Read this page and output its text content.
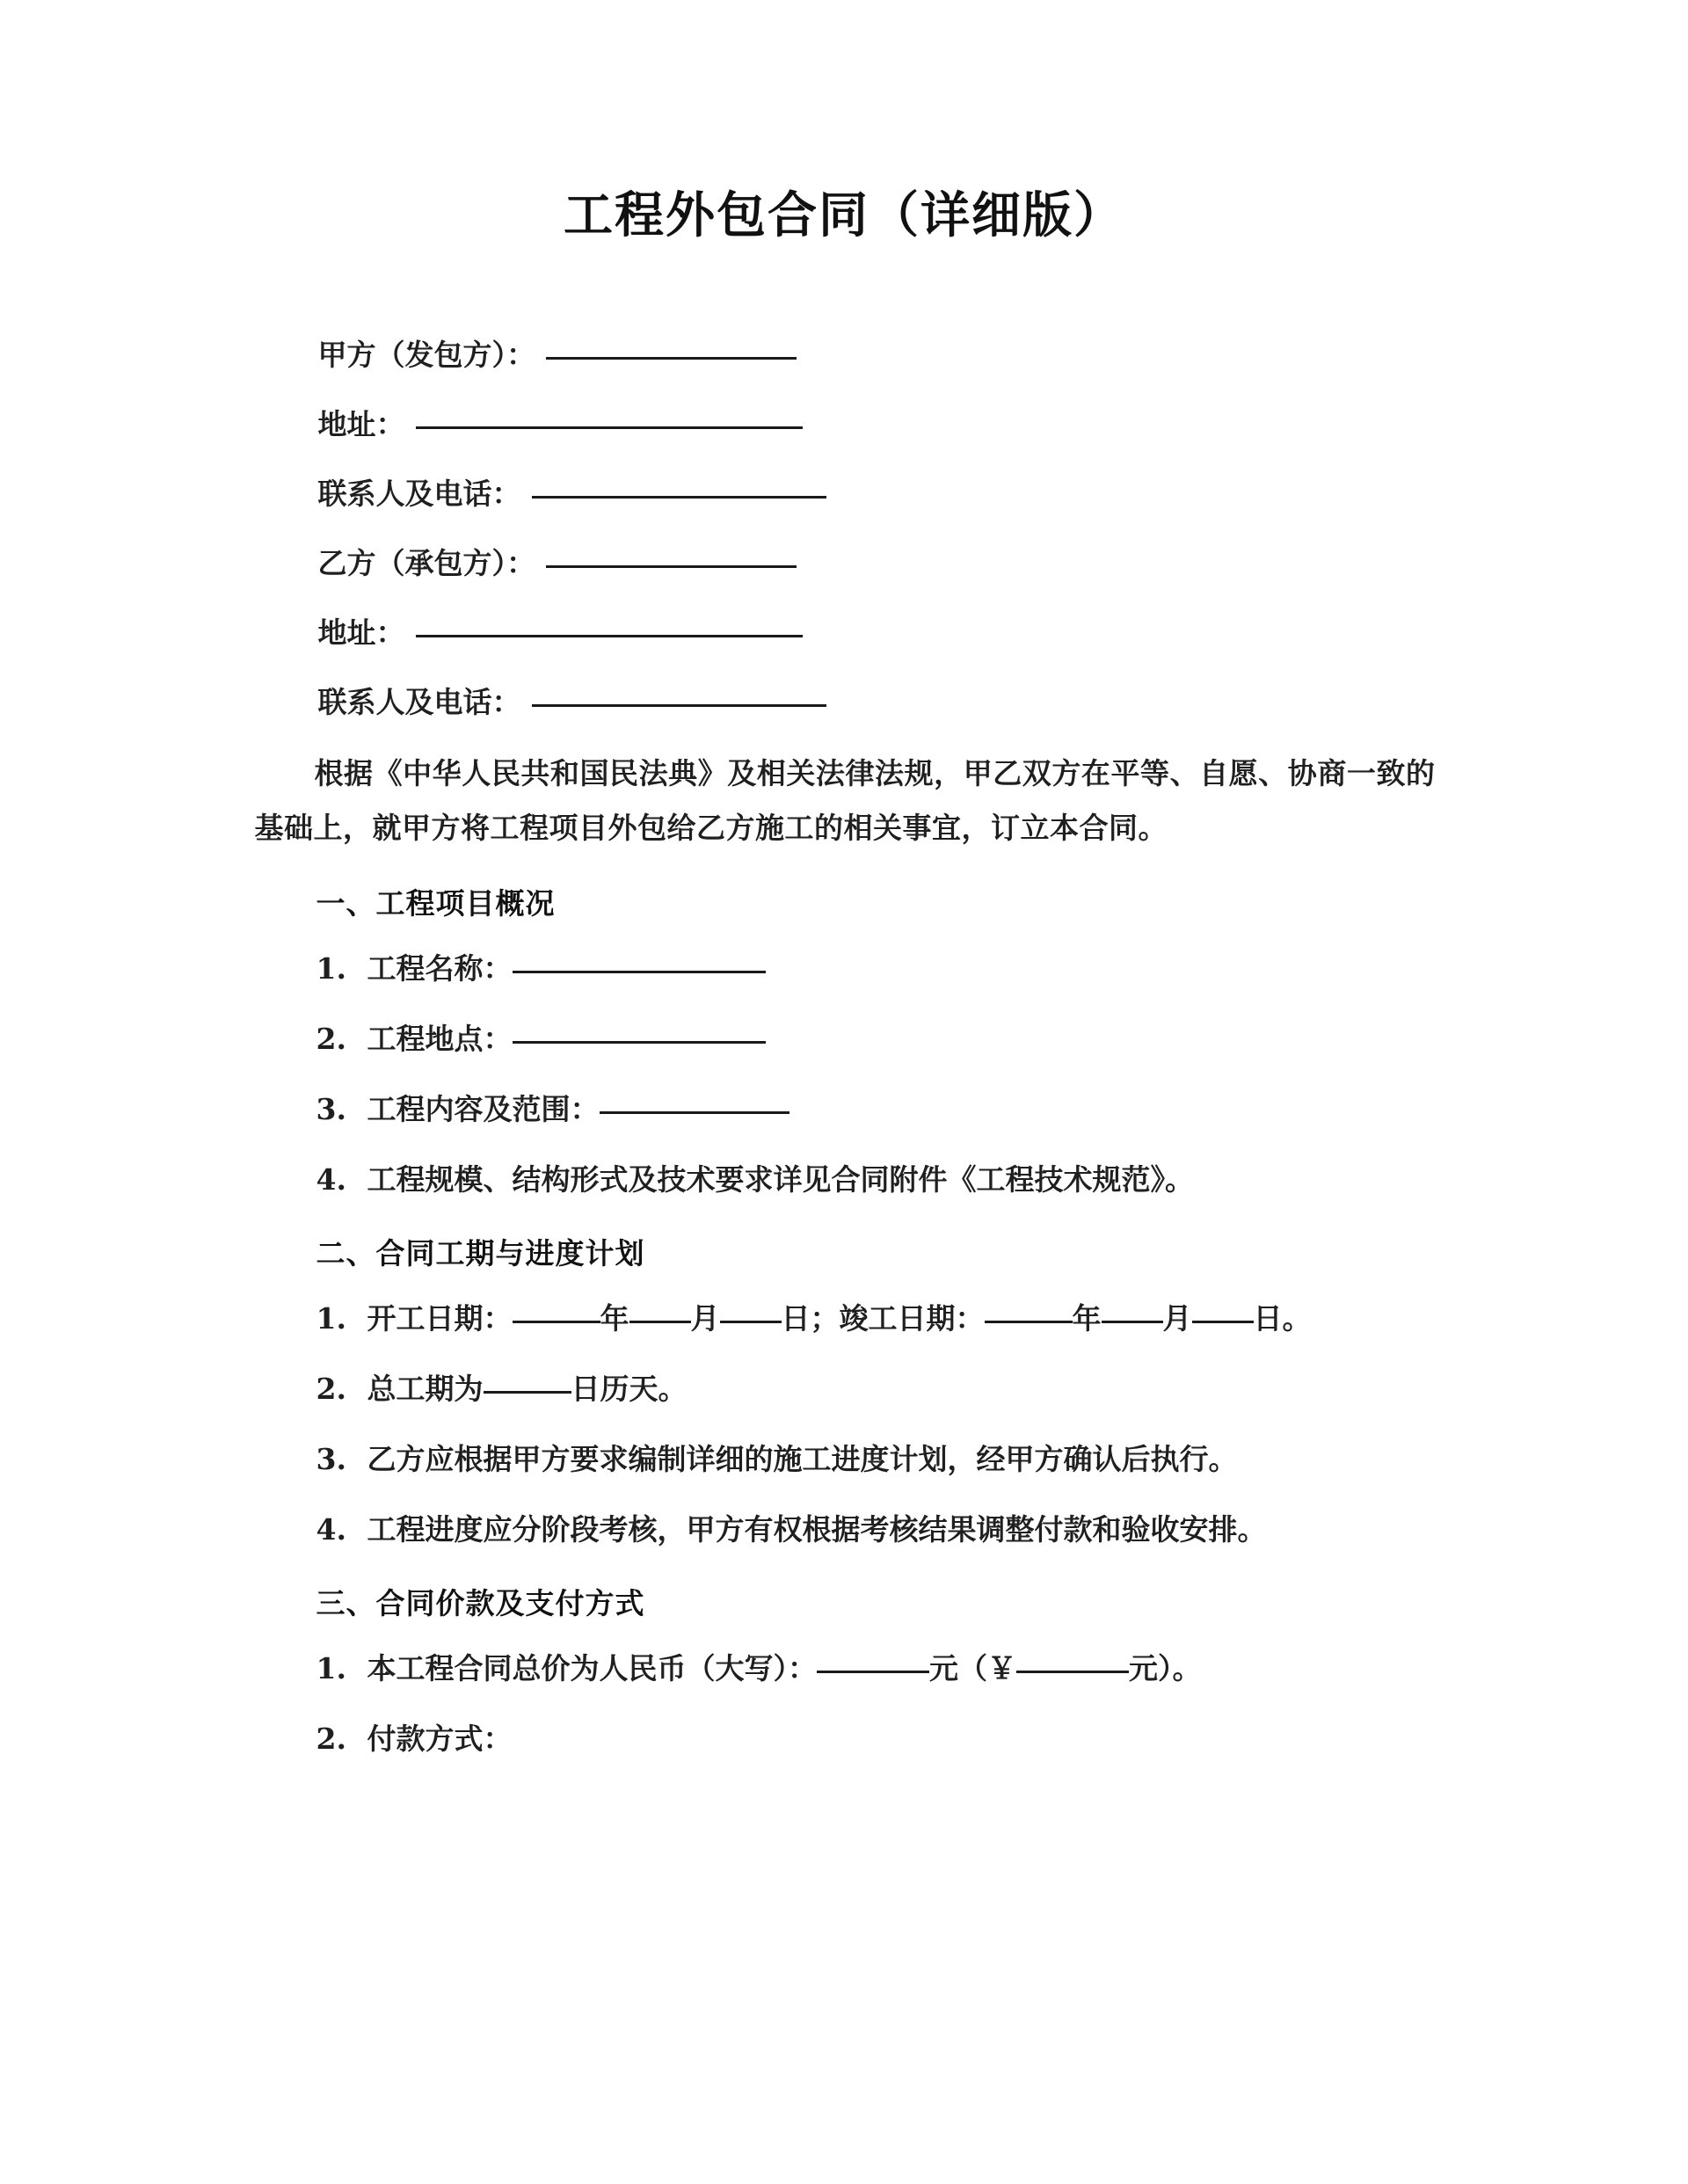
工程外包合同（详细版）
甲方（发包方）：
地址：
联系人及电话：
乙方（承包方）：
地址：
联系人及电话：

根据《中华人民共和国民法典》及相关法律法规，甲乙双方在平等、自愿、协商一致的基础上，就甲方将工程项目外包给乙方施工的相关事宜，订立本合同。

一、工程项目概况
1. 工程名称：
2. 工程地点：
3. 工程内容及范围：
4. 工程规模、结构形式及技术要求详见合同附件《工程技术规范》。
二、合同工期与进度计划
1. 开工日期：	年 月 日；竣工日期：	年 月 日。
2. 总工期为	日历天。
3. 乙方应根据甲方要求编制详细的施工进度计划，经甲方确认后执行。
4. 工程进度应分阶段考核，甲方有权根据考核结果调整付款和验收安排。
三、合同价款及支付方式
1. 本工程合同总价为人民币（大写）：	元（￥	元）。
2. 付款方式：
